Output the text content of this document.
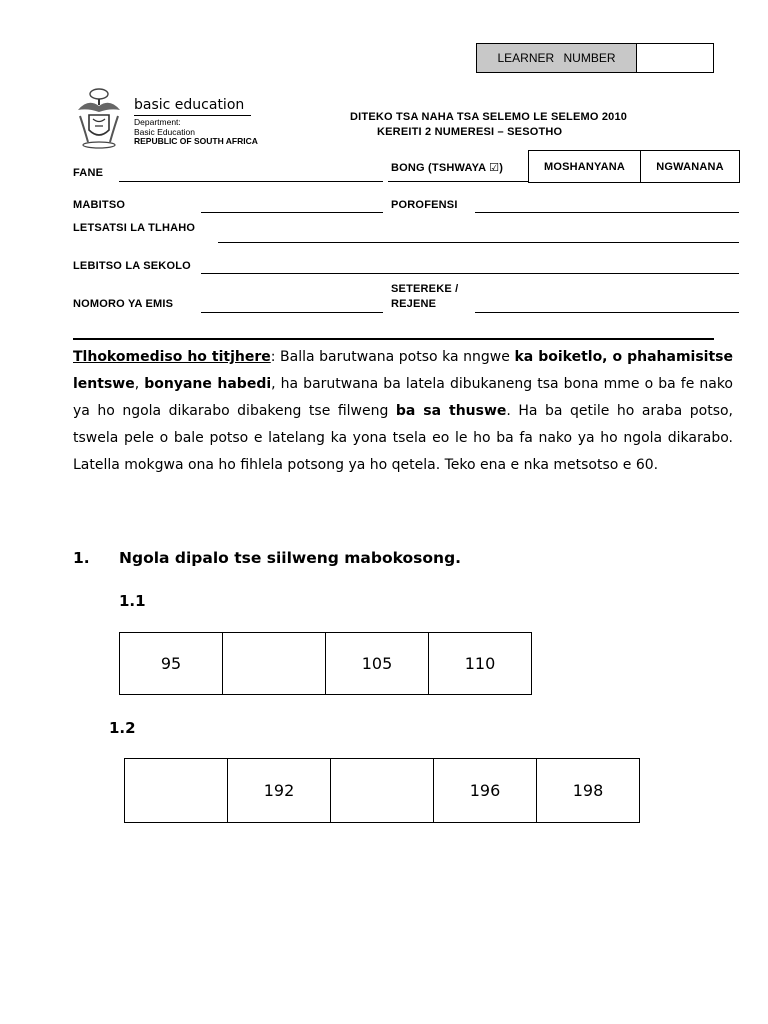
LEARNER NUMBER
basic education
Department:
Basic Education
REPUBLIC OF SOUTH AFRICA
DITEKO TSA NAHA TSA SELEMO LE SELEMO 2010
KEREITI 2 NUMERESI – SESOTHO
FANE	BONG (TSHWAYA ☑)	MOSHANYANA	NGWANANA
MABITSO	POROFENSI
LETSATSI LA TLHAHO
LEBITSO LA SEKOLO
NOMORO YA EMIS
SETEREKE /
REJENE
Tlhokomediso ho titjhere: Balla barutwana potso ka nngwe ka boiketlo, o phahamisitse lentswe, bonyane habedi, ha barutwana ba latela dibukaneng tsa bona mme o ba fe nako ya ho ngola dikarabo dibakeng tse filweng ba sa thuswe. Ha ba qetile ho araba potso, tswela pele o bale potso e latelang ka yona tsela eo le ho ba fa nako ya ho ngola dikarabo. Latella mokgwa ona ho fihlela potsong ya ho qetela. Teko ena e nka metsotso e 60.
1. Ngola dipalo tse siilweng mabokosong.
1.1
95		105	110
1.2
	192		196	198
